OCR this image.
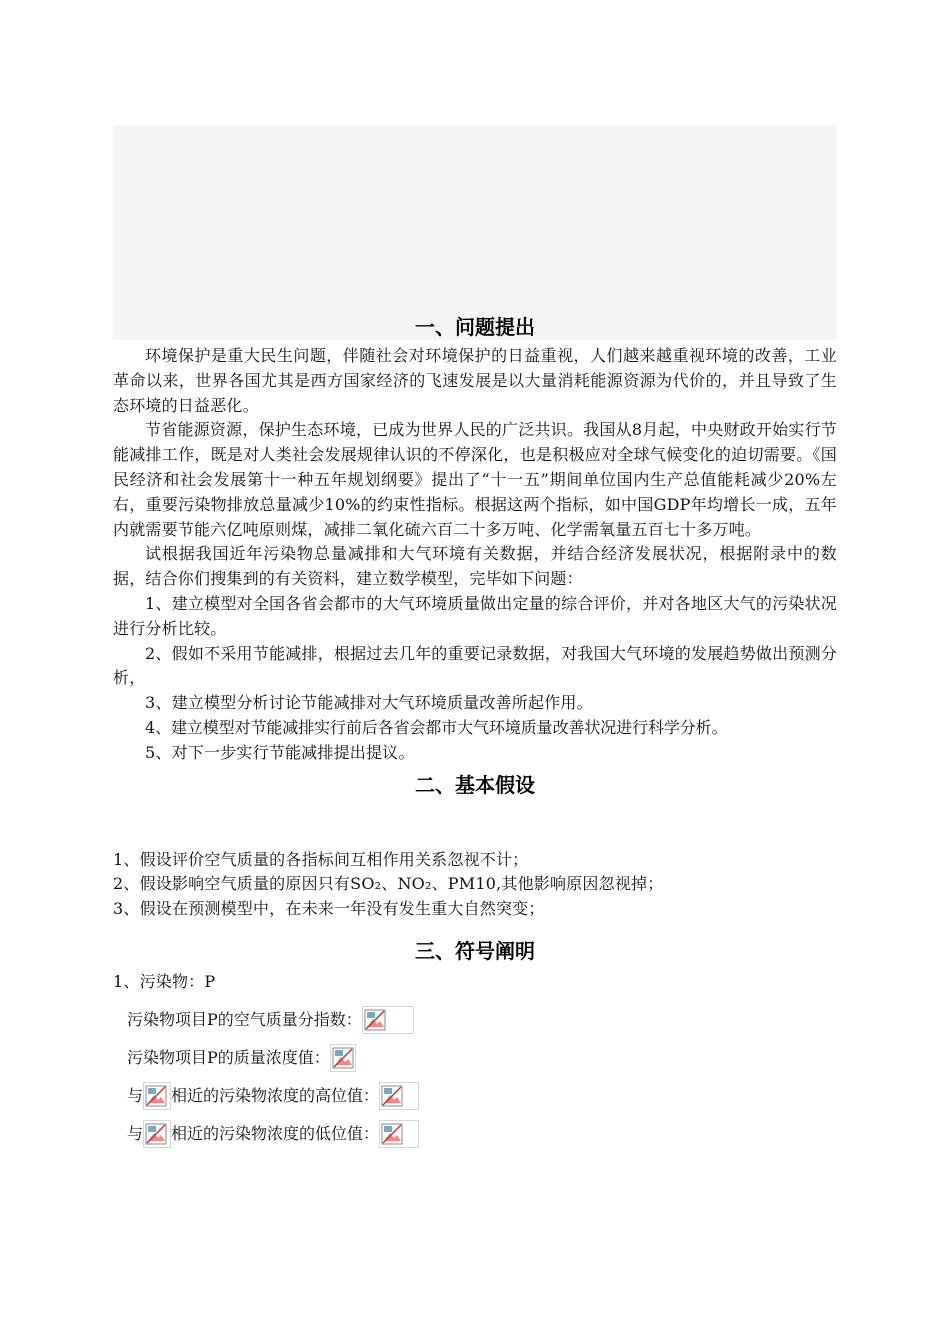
一、问题提出

环境保护是重大民生问题，伴随社会对环境保护的日益重视，人们越来越重视环境的改善，工业革命以来，世界各国尤其是西方国家经济的飞速发展是以大量消耗能源资源为代价的，并且导致了生态环境的日益恶化。

节省能源资源，保护生态环境，已成为世界人民的广泛共识。我国从8月起，中央财政开始实行节能减排工作，既是对人类社会发展规律认识的不停深化，也是积极应对全球气候变化的迫切需要。《国民经济和社会发展第十一种五年规划纲要》提出了“十一五”期间单位国内生产总值能耗减少20%左右，重要污染物排放总量减少10%的约束性指标。根据这两个指标，如中国GDP年均增长一成，五年内就需要节能六亿吨原则煤，减排二氧化硫六百二十多万吨、化学需氧量五百七十多万吨。

试根据我国近年污染物总量减排和大气环境有关数据，并结合经济发展状况，根据附录中的数据，结合你们搜集到的有关资料，建立数学模型，完毕如下问题：

1、建立模型对全国各省会都市的大气环境质量做出定量的综合评价，并对各地区大气的污染状况进行分析比较。

2、假如不采用节能减排，根据过去几年的重要记录数据，对我国大气环境的发展趋势做出预测分析，

3、建立模型分析讨论节能减排对大气环境质量改善所起作用。

4、建立模型对节能减排实行前后各省会都市大气环境质量改善状况进行科学分析。

5、对下一步实行节能减排提出提议。

二、基本假设

1、假设评价空气质量的各指标间互相作用关系忽视不计；

2、假设影响空气质量的原因只有SO₂、NO₂、PM10,其他影响原因忽视掉；

3、假设在预测模型中，在未来一年没有发生重大自然突变；

三、符号阐明

1、污染物：P

污染物项目P的空气质量分指数：
污染物项目P的质量浓度值：
与 相近的污染物浓度的高位值：
与 相近的污染物浓度的低位值：
